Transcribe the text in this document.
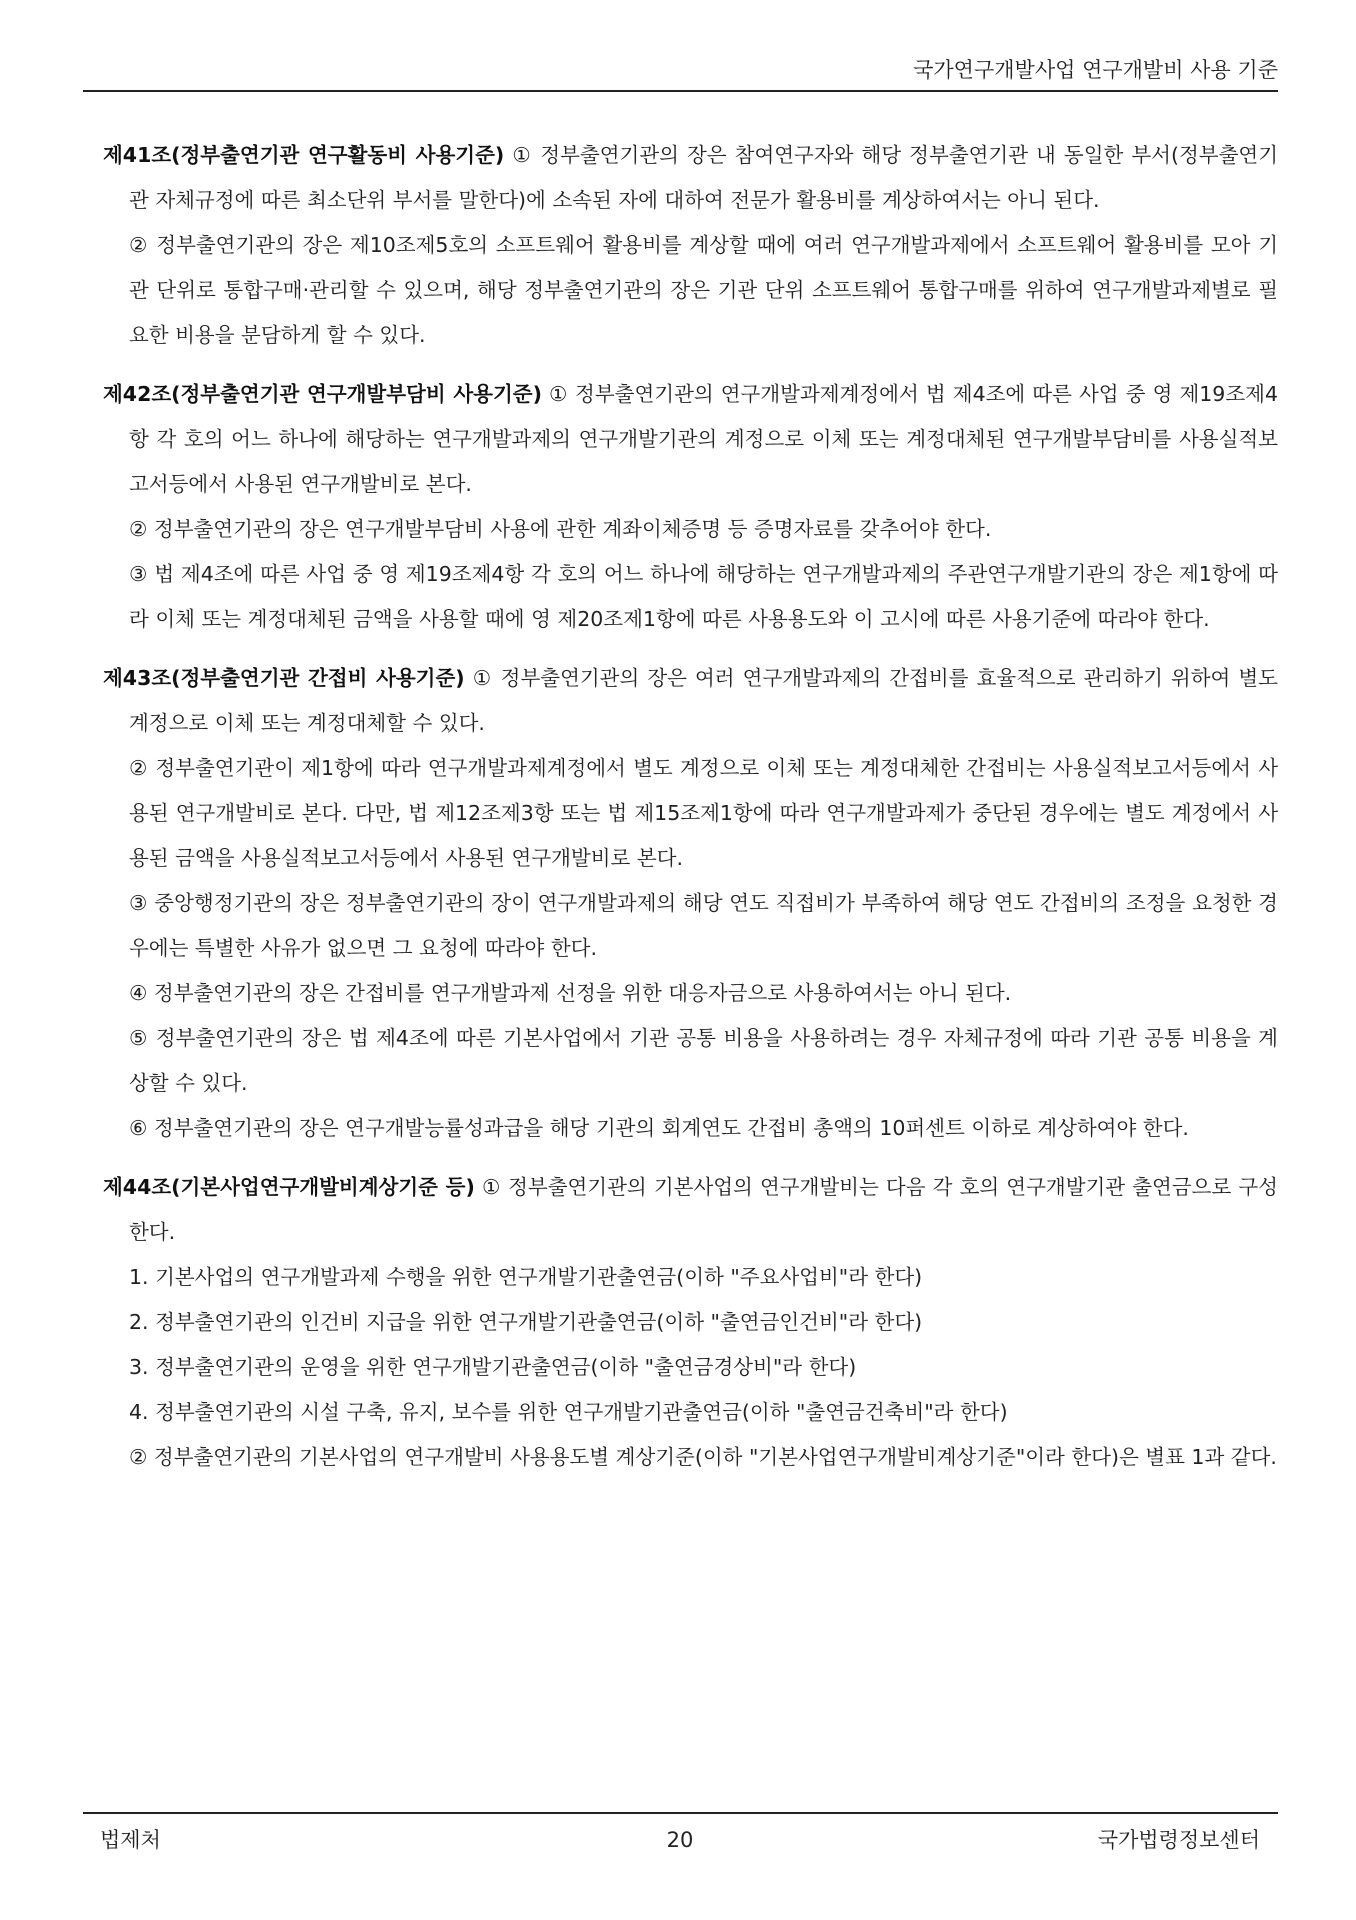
국가연구개발사업 연구개발비 사용 기준

제41조(정부출연기관 연구활동비 사용기준) ① 정부출연기관의 장은 참여연구자와 해당 정부출연기관 내 동일한 부서(정부출연기관 자체규정에 따른 최소단위 부서를 말한다)에 소속된 자에 대하여 전문가 활용비를 계상하여서는 아니 된다.

② 정부출연기관의 장은 제10조제5호의 소프트웨어 활용비를 계상할 때에 여러 연구개발과제에서 소프트웨어 활용비를 모아 기관 단위로 통합구매·관리할 수 있으며, 해당 정부출연기관의 장은 기관 단위 소프트웨어 통합구매를 위하여 연구개발과제별로 필요한 비용을 분담하게 할 수 있다.

제42조(정부출연기관 연구개발부담비 사용기준) ① 정부출연기관의 연구개발과제계정에서 법 제4조에 따른 사업 중 영 제19조제4항 각 호의 어느 하나에 해당하는 연구개발과제의 연구개발기관의 계정으로 이체 또는 계정대체된 연구개발부담비를 사용실적보고서등에서 사용된 연구개발비로 본다.

② 정부출연기관의 장은 연구개발부담비 사용에 관한 계좌이체증명 등 증명자료를 갖추어야 한다.

③ 법 제4조에 따른 사업 중 영 제19조제4항 각 호의 어느 하나에 해당하는 연구개발과제의 주관연구개발기관의 장은 제1항에 따라 이체 또는 계정대체된 금액을 사용할 때에 영 제20조제1항에 따른 사용용도와 이 고시에 따른 사용기준에 따라야 한다.

제43조(정부출연기관 간접비 사용기준) ① 정부출연기관의 장은 여러 연구개발과제의 간접비를 효율적으로 관리하기 위하여 별도 계정으로 이체 또는 계정대체할 수 있다.

② 정부출연기관이 제1항에 따라 연구개발과제계정에서 별도 계정으로 이체 또는 계정대체한 간접비는 사용실적보고서등에서 사용된 연구개발비로 본다. 다만, 법 제12조제3항 또는 법 제15조제1항에 따라 연구개발과제가 중단된 경우에는 별도 계정에서 사용된 금액을 사용실적보고서등에서 사용된 연구개발비로 본다.

③ 중앙행정기관의 장은 정부출연기관의 장이 연구개발과제의 해당 연도 직접비가 부족하여 해당 연도 간접비의 조정을 요청한 경우에는 특별한 사유가 없으면 그 요청에 따라야 한다.

④ 정부출연기관의 장은 간접비를 연구개발과제 선정을 위한 대응자금으로 사용하여서는 아니 된다.

⑤ 정부출연기관의 장은 법 제4조에 따른 기본사업에서 기관 공통 비용을 사용하려는 경우 자체규정에 따라 기관 공통 비용을 계상할 수 있다.

⑥ 정부출연기관의 장은 연구개발능률성과급을 해당 기관의 회계연도 간접비 총액의 10퍼센트 이하로 계상하여야 한다.

제44조(기본사업연구개발비계상기준 등) ① 정부출연기관의 기본사업의 연구개발비는 다음 각 호의 연구개발기관 출연금으로 구성한다.

1. 기본사업의 연구개발과제 수행을 위한 연구개발기관출연금(이하 "주요사업비"라 한다)

2. 정부출연기관의 인건비 지급을 위한 연구개발기관출연금(이하 "출연금인건비"라 한다)

3. 정부출연기관의 운영을 위한 연구개발기관출연금(이하 "출연금경상비"라 한다)

4. 정부출연기관의 시설 구축, 유지, 보수를 위한 연구개발기관출연금(이하 "출연금건축비"라 한다)

② 정부출연기관의 기본사업의 연구개발비 사용용도별 계상기준(이하 "기본사업연구개발비계상기준"이라 한다)은 별표 1과 같다.

법제처	20	국가법령정보센터
